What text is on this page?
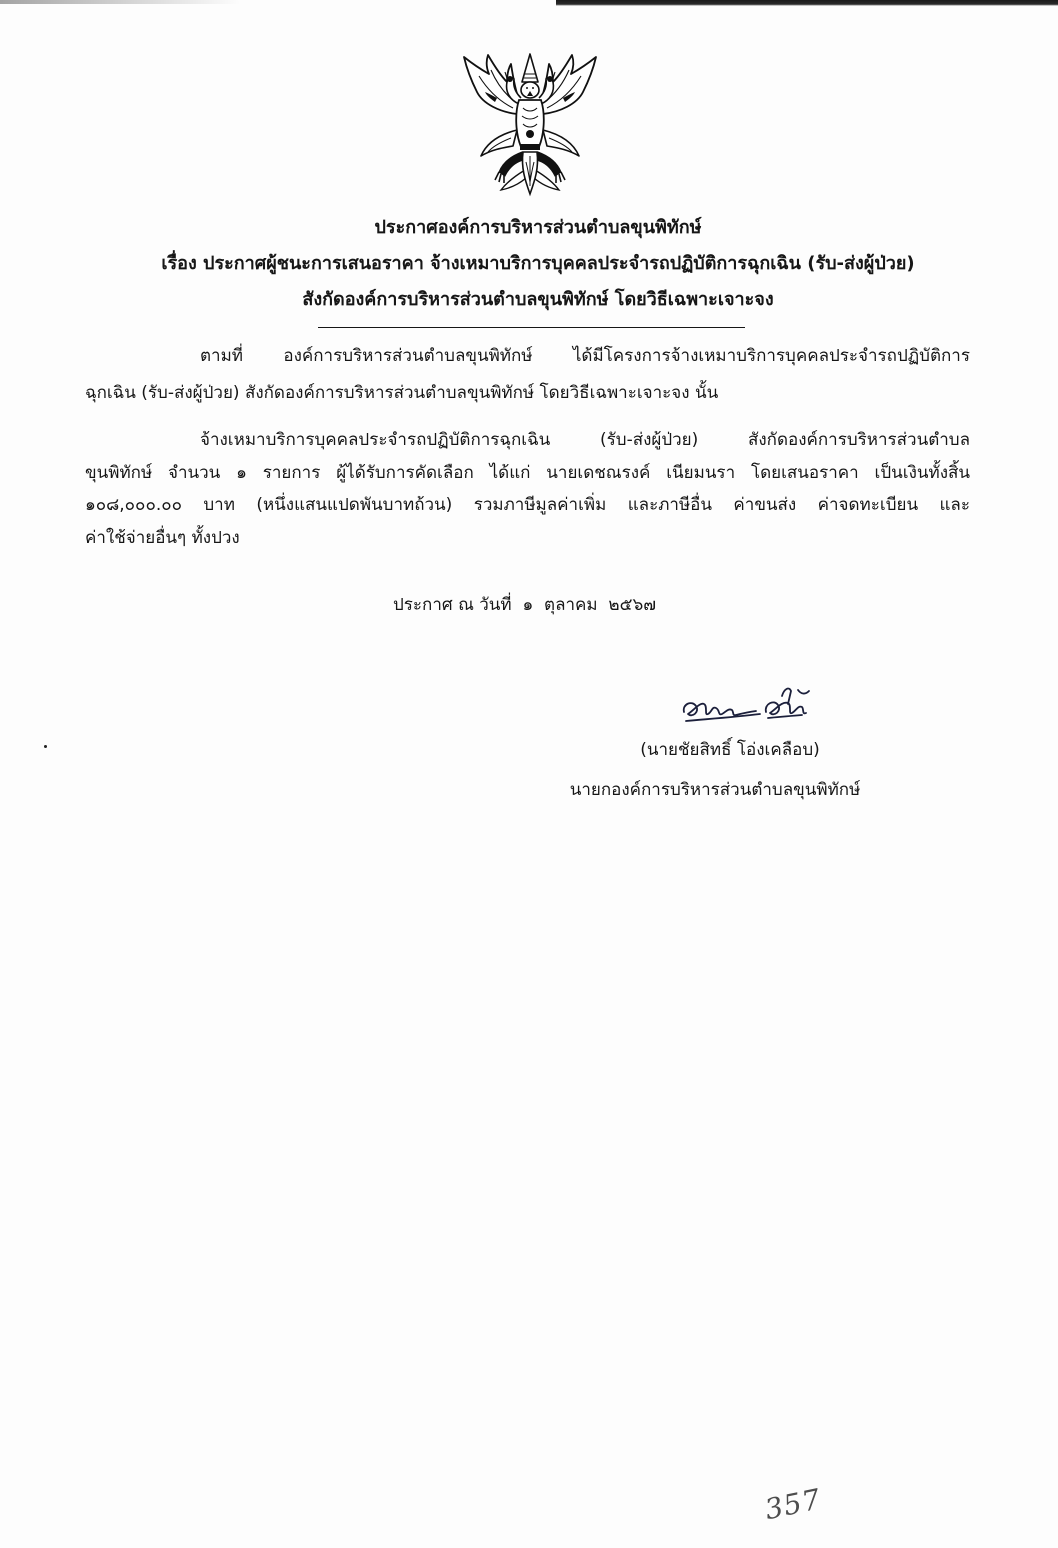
ประกาศองค์การบริหารส่วนตำบลขุนพิทักษ์
เรื่อง ประกาศผู้ชนะการเสนอราคา จ้างเหมาบริการบุคคลประจำรถปฏิบัติการฉุกเฉิน (รับ-ส่งผู้ป่วย)
สังกัดองค์การบริหารส่วนตำบลขุนพิทักษ์ โดยวิธีเฉพาะเจาะจง
ตามที่ องค์การบริหารส่วนตำบลขุนพิทักษ์ ได้มีโครงการจ้างเหมาบริการบุคคลประจำรถปฏิบัติการ
ฉุกเฉิน (รับ-ส่งผู้ป่วย) สังกัดองค์การบริหารส่วนตำบลขุนพิทักษ์ โดยวิธีเฉพาะเจาะจง นั้น
จ้างเหมาบริการบุคคลประจำรถปฏิบัติการฉุกเฉิน (รับ-ส่งผู้ป่วย) สังกัดองค์การบริหารส่วนตำบล
ขุนพิทักษ์ จำนวน ๑ รายการ ผู้ได้รับการคัดเลือก ได้แก่ นายเดชณรงค์ เนียมนรา โดยเสนอราคา เป็นเงินทั้งสิ้น
๑๐๘,๐๐๐.๐๐ บาท (หนึ่งแสนแปดพันบาทถ้วน) รวมภาษีมูลค่าเพิ่ม และภาษีอื่น ค่าขนส่ง ค่าจดทะเบียน และ
ค่าใช้จ่ายอื่นๆ ทั้งปวง
ประกาศ ณ วันที่  ๑  ตุลาคม  ๒๕๖๗
(นายชัยสิทธิ์ โอ่งเคลือบ)
นายกองค์การบริหารส่วนตำบลขุนพิทักษ์
357
